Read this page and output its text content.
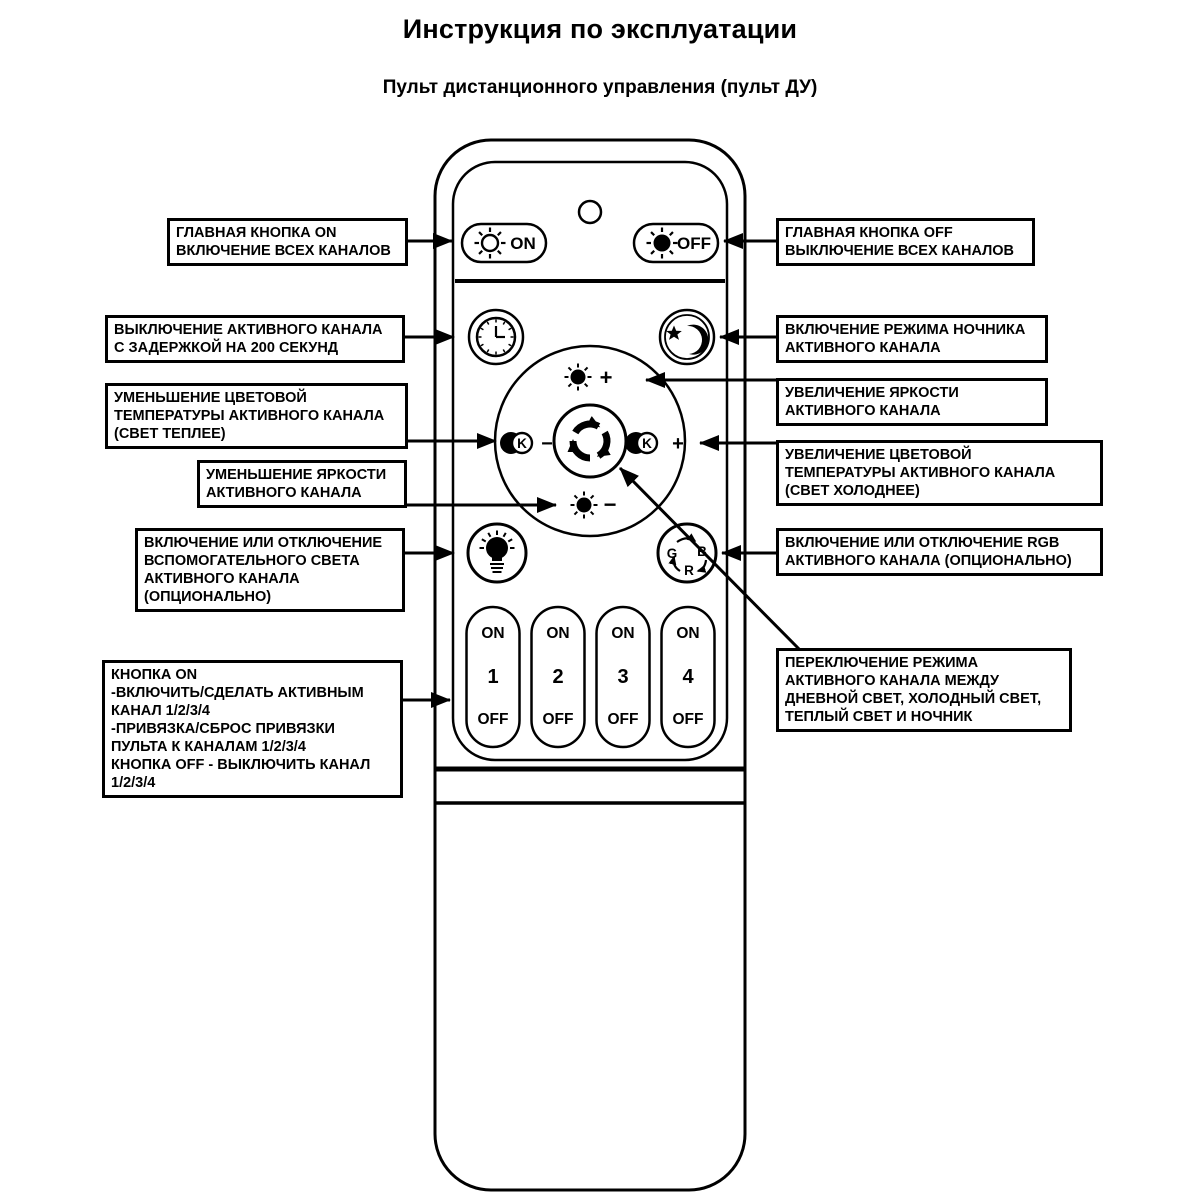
Инструкция по эксплуатации
Пульт дистанционного управления (пульт ДУ)
ON	OFF
+
K −	K +
−
G B
R
ON
1
OFF
ON
2
OFF
ON
3
OFF
ON
4
OFF
ГЛАВНАЯ КНОПКА ON
ВКЛЮЧЕНИЕ ВСЕХ КАНАЛОВ
ВЫКЛЮЧЕНИЕ АКТИВНОГО КАНАЛА
С ЗАДЕРЖКОЙ НА 200 СЕКУНД
УМЕНЬШЕНИЕ ЦВЕТОВОЙ
ТЕМПЕРАТУРЫ АКТИВНОГО КАНАЛА
(СВЕТ ТЕПЛЕЕ)
УМЕНЬШЕНИЕ ЯРКОСТИ
АКТИВНОГО КАНАЛА
ВКЛЮЧЕНИЕ ИЛИ ОТКЛЮЧЕНИЕ
ВСПОМОГАТЕЛЬНОГО СВЕТА
АКТИВНОГО КАНАЛА
(ОПЦИОНАЛЬНО)
КНОПКА ON
-ВКЛЮЧИТЬ/СДЕЛАТЬ АКТИВНЫМ
КАНАЛ 1/2/3/4
-ПРИВЯЗКА/СБРОС ПРИВЯЗКИ
ПУЛЬТА К КАНАЛАМ 1/2/3/4
КНОПКА OFF - ВЫКЛЮЧИТЬ КАНАЛ
1/2/3/4
ГЛАВНАЯ КНОПКА OFF
ВЫКЛЮЧЕНИЕ ВСЕХ КАНАЛОВ
ВКЛЮЧЕНИЕ РЕЖИМА НОЧНИКА
АКТИВНОГО КАНАЛА
УВЕЛИЧЕНИЕ ЯРКОСТИ
АКТИВНОГО КАНАЛА
УВЕЛИЧЕНИЕ ЦВЕТОВОЙ
ТЕМПЕРАТУРЫ АКТИВНОГО КАНАЛА
(СВЕТ ХОЛОДНЕЕ)
ВКЛЮЧЕНИЕ ИЛИ ОТКЛЮЧЕНИЕ RGB
АКТИВНОГО КАНАЛА (ОПЦИОНАЛЬНО)
ПЕРЕКЛЮЧЕНИЕ РЕЖИМА
АКТИВНОГО КАНАЛА МЕЖДУ
ДНЕВНОЙ СВЕТ, ХОЛОДНЫЙ СВЕТ,
ТЕПЛЫЙ СВЕТ И НОЧНИК
